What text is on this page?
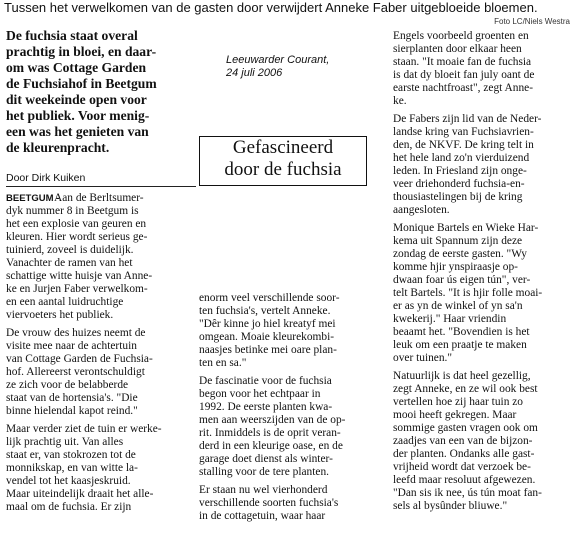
Tussen het verwelkomen van de gasten door verwijdert Anneke Faber uitgebloeide bloemen.
Foto LC/Niels Westra
De fuchsia staat overal
prachtig in bloei, en daar-
om was Cottage Garden
de Fuchsiahof in Beetgum
dit weekeinde open voor
het publiek. Voor menig-
een was het genieten van
de kleurenpracht.
Door Dirk Kuiken
Leeuwarder Courant,
24 juli 2006
Gefascineerd
door de fuchsia
Aan de Berltsumer-
dyk nummer 8 in Beetgum is
het een explosie van geuren en
kleuren. Hier wordt serieus ge-
tuinierd, zoveel is duidelijk.
Vanachter de ramen van het
schattige witte huisje van Anne-
ke en Jurjen Faber verwelkom-
en een aantal luidruchtige
viervoeters het publiek.
De vrouw des huizes neemt de
visite mee naar de achtertuin
van Cottage Garden de Fuchsia-
hof. Allereerst verontschuldigt
ze zich voor de belabberde
staat van de hortensia's. "Die
binne hielendal kapot reind."
Maar verder ziet de tuin er werke-
lijk prachtig uit. Van alles
staat er, van stokrozen tot de
monnikskap, en van witte la-
vendel tot het kaasjeskruid.
Maar uiteindelijk draait het alle-
maal om de fuchsia. Er zijn
BEETGUM -
enorm veel verschillende soor-
ten fuchsia's, vertelt Anneke.
"Dêr kinne jo hiel kreatyf mei
omgean. Moaie kleurekombi-
naasjes betinke mei oare plan-
ten en sa."
De fascinatie voor de fuchsia
begon voor het echtpaar in
1992. De eerste planten kwa-
men aan weerszijden van de op-
rit. Inmiddels is de oprit veran-
derd in een kleurige oase, en de
garage doet dienst als winter-
stalling voor de tere planten.
Er staan nu wel vierhonderd
verschillende soorten fuchsia's
in de cottagetuin, waar haar
Engels voorbeeld groenten en
sierplanten door elkaar heen
staan. "It moaie fan de fuchsia
is dat dy bloeit fan july oant de
earste nachtfroast", zegt Anne-
ke.
De Fabers zijn lid van de Neder-
landse kring van Fuchsiavrien-
den, de NKVF. De kring telt in
het hele land zo'n vierduizend
leden. In Friesland zijn onge-
veer driehonderd fuchsia-en-
thousiastelingen bij de kring
aangesloten.
Monique Bartels en Wieke Har-
kema uit Spannum zijn deze
zondag de eerste gasten. "Wy
komme hjir ynspiraasje op-
dwaan foar ús eigen tún", ver-
telt Bartels. "It is hjir folle moai-
er as yn de winkel of yn sa'n
kwekerij." Haar vriendin
beaamt het. "Bovendien is het
leuk om een praatje te maken
over tuinen."
Natuurlijk is dat heel gezellig,
zegt Anneke, en ze wil ook best
vertellen hoe zij haar tuin zo
mooi heeft gekregen. Maar
sommige gasten vragen ook om
zaadjes van een van de bijzon-
der planten. Ondanks alle gast-
vrijheid wordt dat verzoek be-
leefd maar resoluut afgewezen.
"Dan sis ik nee, ús tún moat fan-
sels al bysûnder bliuwe."
